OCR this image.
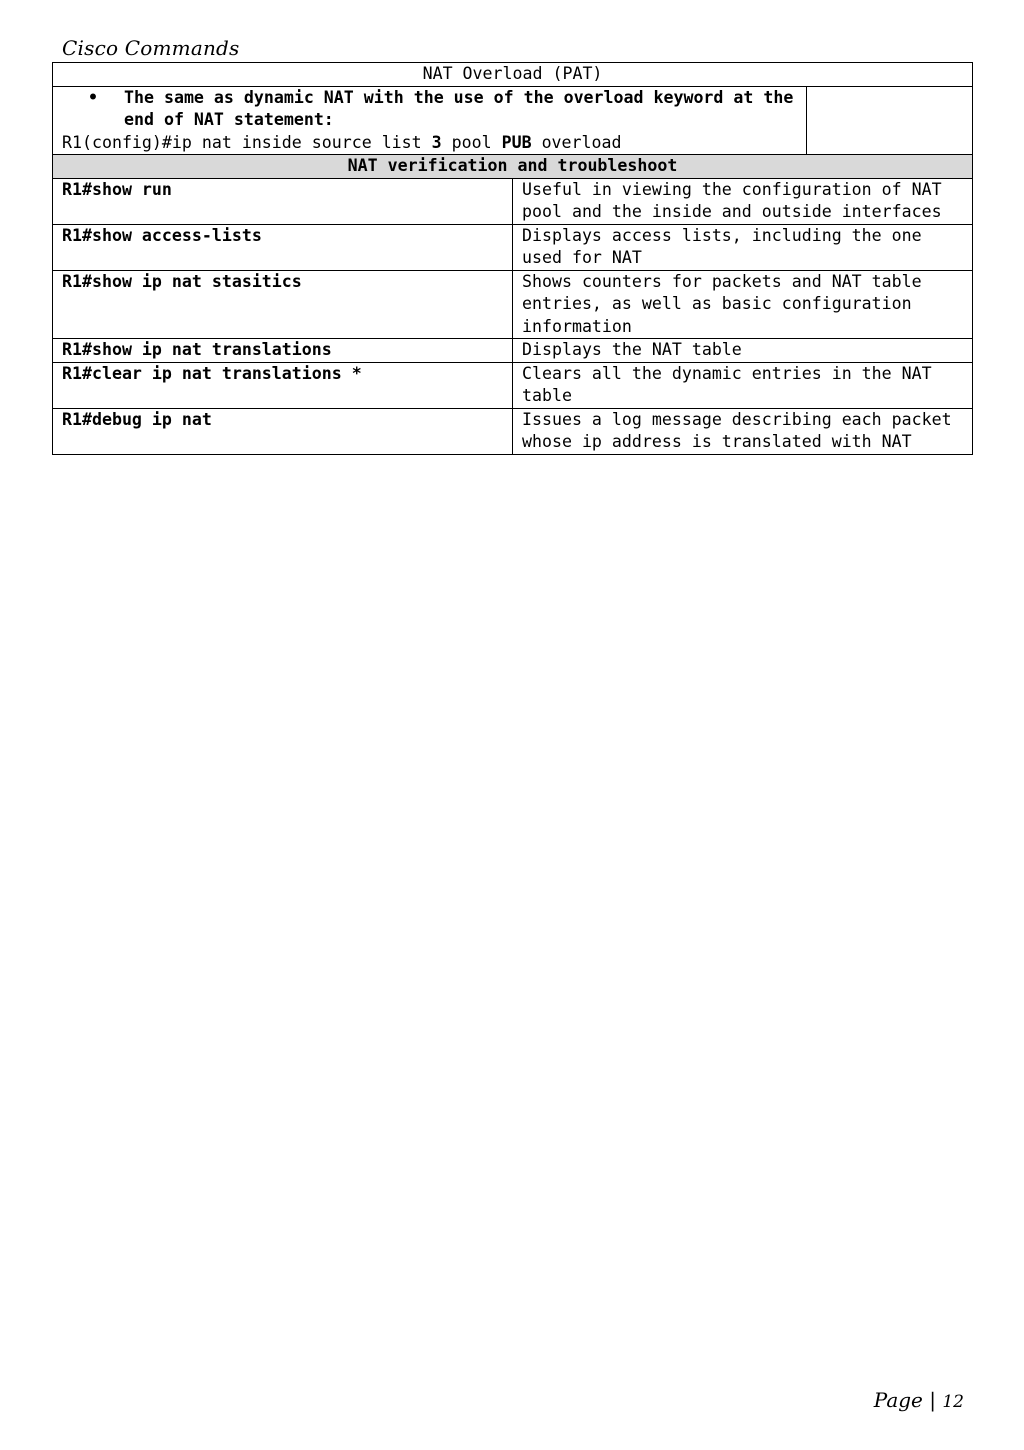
Cisco Commands
NAT Overload (PAT)		

• The same as dynamic NAT with the use of the overload keyword at the end of NAT statement:
R1(config)#ip nat inside source list 3 pool PUB overload		

NAT verification and troubleshoot		
R1#show run	Useful in viewing the configuration of NAT pool and the inside and outside interfaces	
R1#show access-lists	Displays access lists, including the one used for NAT	
R1#show ip nat stasitics	Shows counters for packets and NAT table entries, as well as basic configuration information	
R1#show ip nat translations	Displays the NAT table	
R1#clear ip nat translations *	Clears all the dynamic entries in the NAT table	
R1#debug ip nat	Issues a log message describing each packet whose ip address is translated with NAT	
Page | 12
